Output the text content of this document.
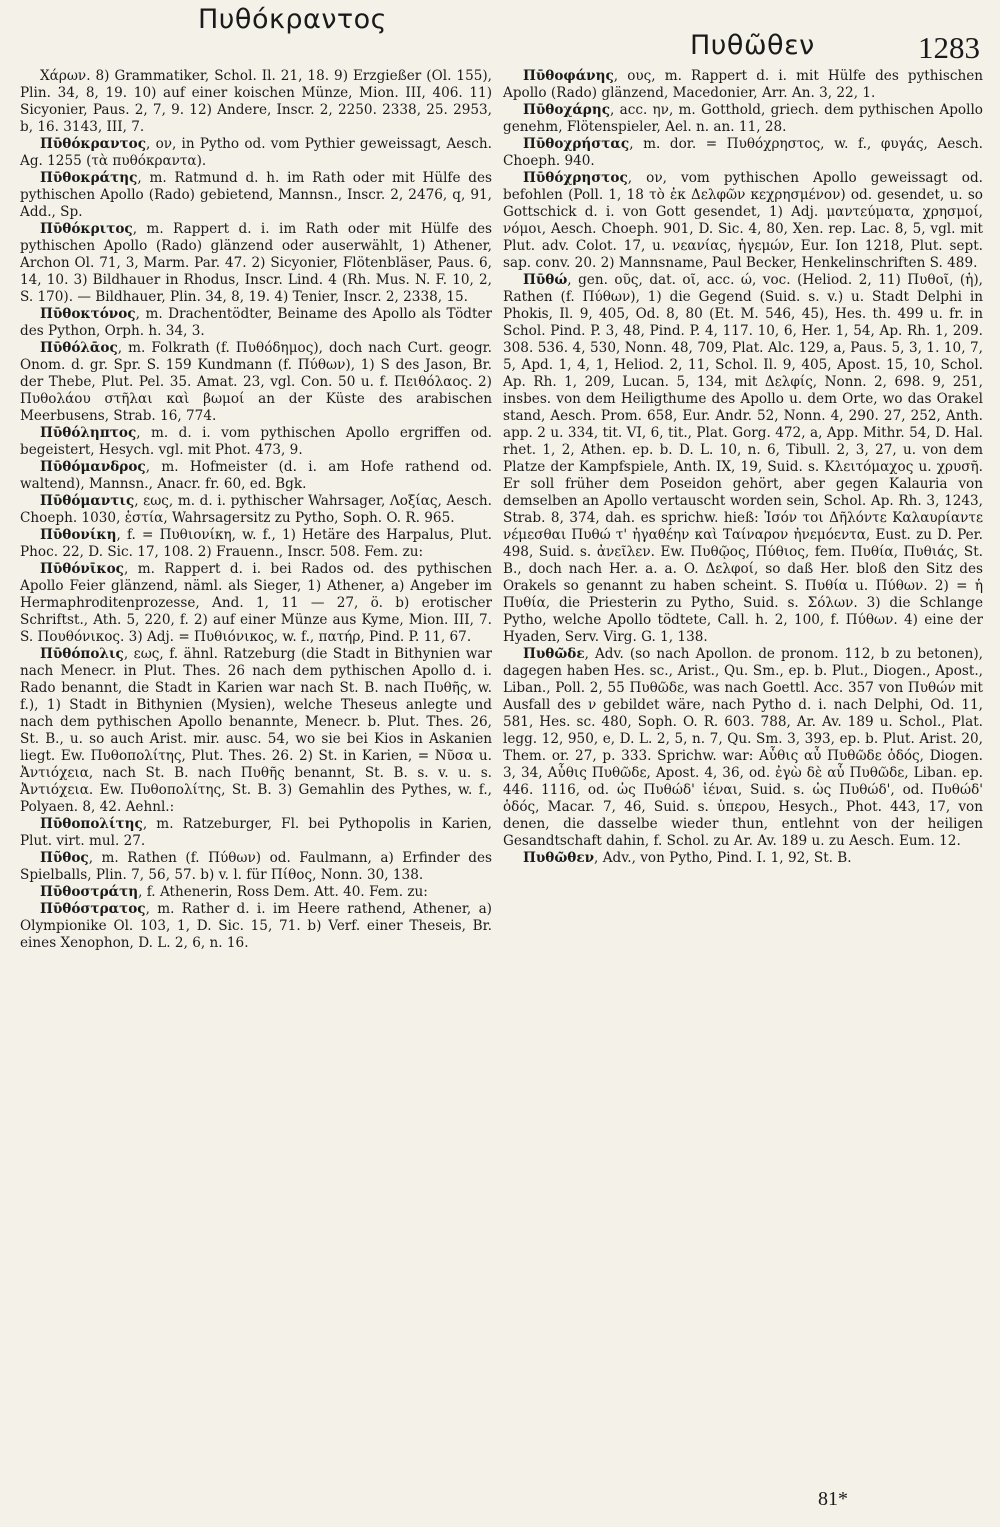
Πυθόκραντος
Πυθῶθεν	1283

Χάρων. 8) Grammatiker, Schol. Il. 21, 18. 9) Erzgießer (Ol. 155), Plin. 34, 8, 19. 10) auf einer koischen Münze, Mion. III, 406. 11) Sicyonier, Paus. 2, 7, 9. 12) Andere, Inscr. 2, 2250. 2338, 25. 2953, b, 16. 3143, III, 7.

Πῡθόκραντος, ον, in Pytho od. vom Pythier geweissagt, Aesch. Ag. 1255 (τὰ πυθόκραντα).

Πῡθοκράτης, m. Ratmund d. h. im Rath oder mit Hülfe des pythischen Apollo (Rado) gebietend, Mannsn., Inscr. 2, 2476, q, 91, Add., Sp.

Πῡθόκριτος, m. Rappert d. i. im Rath oder mit Hülfe des pythischen Apollo (Rado) glänzend oder auserwählt, 1) Athener, Archon Ol. 71, 3, Marm. Par. 47. 2) Sicyonier, Flötenbläser, Paus. 6, 14, 10. 3) Bildhauer in Rhodus, Inscr. Lind. 4 (Rh. Mus. N. F. 10, 2, S. 170). — Bildhauer, Plin. 34, 8, 19. 4) Tenier, Inscr. 2, 2338, 15.

Πῡθοκτόνος, m. Drachentödter, Beiname des Apollo als Tödter des Python, Orph. h. 34, 3.

Πῡθόλᾱος, m. Folkrath (f. Πυθόδημος), doch nach Curt. geogr. Onom. d. gr. Spr. S. 159 Kundmann (f. Πύθων), 1) S des Jason, Br. der Thebe, Plut. Pel. 35. Amat. 23, vgl. Con. 50 u. f. Πειθόλαος. 2) Πυθολάου στῆλαι καὶ βωμοί an der Küste des arabischen Meerbusens, Strab. 16, 774.

Πῡθόληπτος, m. d. i. vom pythischen Apollo ergriffen od. begeistert, Hesych. vgl. mit Phot. 473, 9.

Πῡθόμανδρος, m. Hofmeister (d. i. am Hofe rathend od. waltend), Mannsn., Anacr. fr. 60, ed. Bgk.

Πῡθόμαντις, εως, m. d. i. pythischer Wahrsager, Λοξίας, Aesch. Choeph. 1030, ἑστία, Wahrsagersitz zu Pytho, Soph. O. R. 965.

Πῡθονίκη, f. = Πυθιονίκη, w. f., 1) Hetäre des Harpalus, Plut. Phoc. 22, D. Sic. 17, 108. 2) Frauenn., Inscr. 508. Fem. zu:

Πῡθόνῑκος, m. Rappert d. i. bei Rados od. des pythischen Apollo Feier glänzend, näml. als Sieger, 1) Athener, a) Angeber im Hermaphroditenprozesse, And. 1, 11 — 27, ö. b) erotischer Schriftst., Ath. 5, 220, f. 2) auf einer Münze aus Kyme, Mion. III, 7. S. Πουθόνικος. 3) Adj. = Πυθιόνικος, w. f., πατήρ, Pind. P. 11, 67.

Πῡθόπολις, εως, f. ähnl. Ratzeburg (die Stadt in Bithynien war nach Menecr. in Plut. Thes. 26 nach dem pythischen Apollo d. i. Rado benannt, die Stadt in Karien war nach St. B. nach Πυθῆς, w. f.), 1) Stadt in Bithynien (Mysien), welche Theseus anlegte und nach dem pythischen Apollo benannte, Menecr. b. Plut. Thes. 26, St. B., u. so auch Arist. mir. ausc. 54, wo sie bei Kios in Askanien liegt. Ew. Πυθοπολίτης, Plut. Thes. 26. 2) St. in Karien, = Νῦσα u. Ἀντιόχεια, nach St. B. nach Πυθῆς benannt, St. B. s. v. u. s. Ἀντιόχεια. Ew. Πυθοπολίτης, St. B. 3) Gemahlin des Pythes, w. f., Polyaen. 8, 42. Aehnl.:

Πῡθοπολίτης, m. Ratzeburger, Fl. bei Pythopolis in Karien, Plut. virt. mul. 27.

Πῦθος, m. Rathen (f. Πύθων) od. Faulmann, a) Erfinder des Spielballs, Plin. 7, 56, 57. b) v. l. für Πίθος, Nonn. 30, 138.

Πῡθοστράτη, f. Athenerin, Ross Dem. Att. 40. Fem. zu:

Πῡθόστρατος, m. Rather d. i. im Heere rathend, Athener, a) Olympionike Ol. 103, 1, D. Sic. 15, 71. b) Verf. einer Theseis, Br. eines Xenophon, D. L. 2, 6, n. 16.

Πῡθοφάνης, ους, m. Rappert d. i. mit Hülfe des pythischen Apollo (Rado) glänzend, Macedonier, Arr. An. 3, 22, 1.

Πῡθοχάρης, acc. ην, m. Gotthold, griech. dem pythischen Apollo genehm, Flötenspieler, Ael. n. an. 11, 28.

Πῡθοχρήστας, m. dor. = Πυθόχρηστος, w. f., φυγάς, Aesch. Choeph. 940.

Πῡθόχρηστος, ον, vom pythischen Apollo geweissagt od. befohlen (Poll. 1, 18 τὸ ἐκ Δελφῶν κεχρησμένον) od. gesendet, u. so Gottschick d. i. von Gott gesendet, 1) Adj. μαντεύματα, χρησμοί, νόμοι, Aesch. Choeph. 901, D. Sic. 4, 80, Xen. rep. Lac. 8, 5, vgl. mit Plut. adv. Colot. 17, u. νεανίας, ἡγεμών, Eur. Ion 1218, Plut. sept. sap. conv. 20. 2) Mannsname, Paul Becker, Henkelinschriften S. 489.

Πῡθώ, gen. οῦς, dat. οῖ, acc. ώ, voc. (Heliod. 2, 11) Πυθοῖ, (ἡ), Rathen (f. Πύθων), 1) die Gegend (Suid. s. v.) u. Stadt Delphi in Phokis, Il. 9, 405, Od. 8, 80 (Et. M. 546, 45), Hes. th. 499 u. fr. in Schol. Pind. P. 3, 48, Pind. P. 4, 117. 10, 6, Her. 1, 54, Ap. Rh. 1, 209. 308. 536. 4, 530, Nonn. 48, 709, Plat. Alc. 129, a, Paus. 5, 3, 1. 10, 7, 5, Apd. 1, 4, 1, Heliod. 2, 11, Schol. Il. 9, 405, Apost. 15, 10, Schol. Ap. Rh. 1, 209, Lucan. 5, 134, mit Δελφίς, Nonn. 2, 698. 9, 251, insbes. von dem Heiligthume des Apollo u. dem Orte, wo das Orakel stand, Aesch. Prom. 658, Eur. Andr. 52, Nonn. 4, 290. 27, 252, Anth. app. 2 u. 334, tit. VI, 6, tit., Plat. Gorg. 472, a, App. Mithr. 54, D. Hal. rhet. 1, 2, Athen. ep. b. D. L. 10, n. 6, Tibull. 2, 3, 27, u. von dem Platze der Kampfspiele, Anth. IX, 19, Suid. s. Κλειτόμαχος u. χρυσῆ. Er soll früher dem Poseidon gehört, aber gegen Kalauria von demselben an Apollo vertauscht worden sein, Schol. Ap. Rh. 3, 1243, Strab. 8, 374, dah. es sprichw. hieß: Ἰσόν τοι Δῆλόντε Καλαυρίαντε νέμεσθαι Πυθώ τ' ἠγαθέην καὶ Ταίναρον ἠνεμόεντα, Eust. zu D. Per. 498, Suid. s. ἀνεῖλεν. Ew. Πυθῷος, Πύθιος, fem. Πυθία, Πυθιάς, St. B., doch nach Her. a. a. O. Δελφοί, so daß Her. bloß den Sitz des Orakels so genannt zu haben scheint. S. Πυθία u. Πύθων. 2) = ἡ Πυθία, die Priesterin zu Pytho, Suid. s. Σόλων. 3) die Schlange Pytho, welche Apollo tödtete, Call. h. 2, 100, f. Πύθων. 4) eine der Hyaden, Serv. Virg. G. 1, 138.

Πυθῶδε, Adv. (so nach Apollon. de pronom. 112, b zu betonen), dagegen haben Hes. sc., Arist., Qu. Sm., ep. b. Plut., Diogen., Apost., Liban., Poll. 2, 55 Πυθῶδε, was nach Goettl. Acc. 357 von Πυθών mit Ausfall des ν gebildet wäre, nach Pytho d. i. nach Delphi, Od. 11, 581, Hes. sc. 480, Soph. O. R. 603. 788, Ar. Av. 189 u. Schol., Plat. legg. 12, 950, e, D. L. 2, 5, n. 7, Qu. Sm. 3, 393, ep. b. Plut. Arist. 20, Them. or. 27, p. 333. Sprichw. war: Αὖθις αὖ Πυθῶδε ὁδός, Diogen. 3, 34, Αὖθις Πυθῶδε, Apost. 4, 36, od. ἐγὼ δὲ αὖ Πυθῶδε, Liban. ep. 446. 1116, od. ὡς Πυθώδ' ἰέναι, Suid. s. ὡς Πυθώδ', od. Πυθώδ' ὁδός, Macar. 7, 46, Suid. s. ὑπερου, Hesych., Phot. 443, 17, von denen, die dasselbe wieder thun, entlehnt von der heiligen Gesandtschaft dahin, f. Schol. zu Ar. Av. 189 u. zu Aesch. Eum. 12.

Πυθῶθεν, Adv., von Pytho, Pind. I. 1, 92, St. B.

81*
